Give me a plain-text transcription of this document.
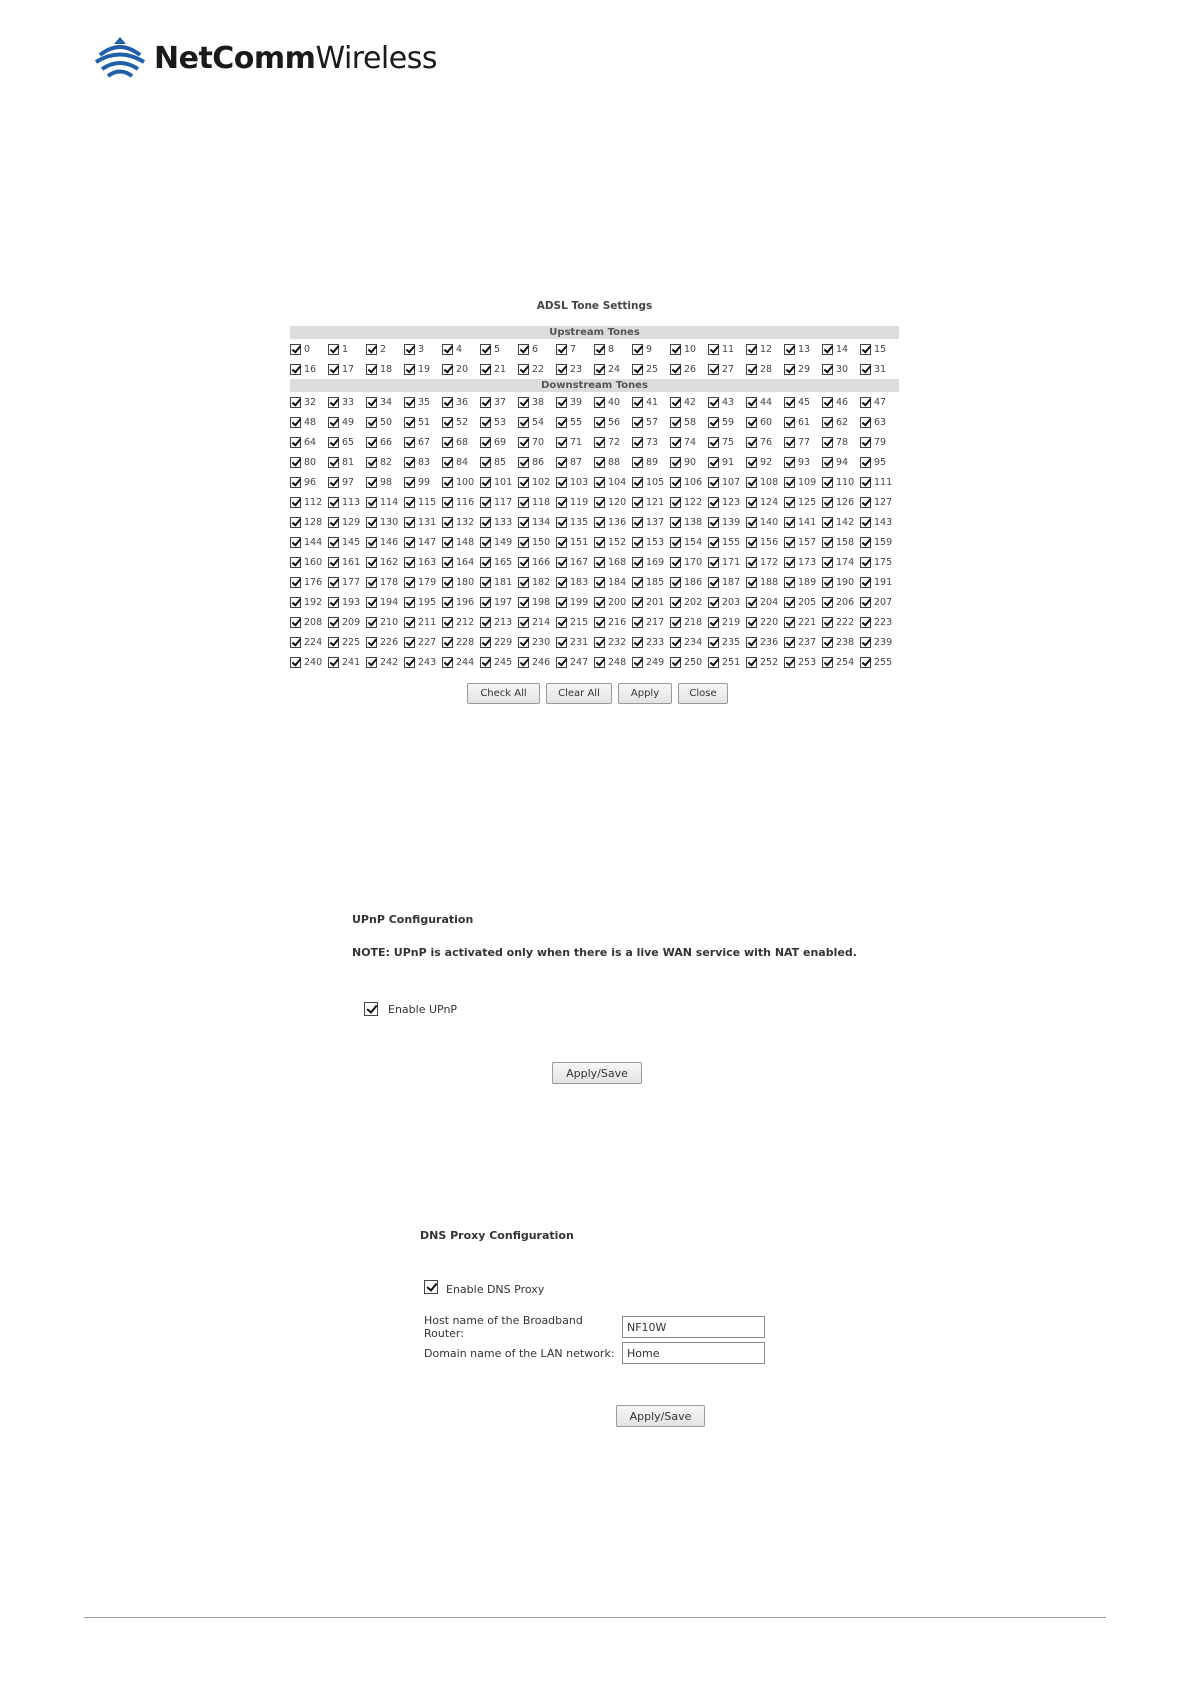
NetCommWireless
ADSL Tone Settings
Upstream Tones
0	1	2	3	4	5	6	7	8	9	10	11	12	13	14	15
16	17	18	19	20	21	22	23	24	25	26	27	28	29	30	31
Downstream Tones
32	33	34	35	36	37	38	39	40	41	42	43	44	45	46	47
48	49	50	51	52	53	54	55	56	57	58	59	60	61	62	63
64	65	66	67	68	69	70	71	72	73	74	75	76	77	78	79
80	81	82	83	84	85	86	87	88	89	90	91	92	93	94	95
96	97	98	99	100 101 102 103 104 105 106 107 108 109 110 111
112 113 114 115 116 117 118 119 120 121 122 123 124 125 126 127
128 129 130 131 132 133 134 135 136 137 138 139 140 141 142 143
144 145 146 147 148 149 150 151 152 153 154 155 156 157 158 159
160 161 162 163 164 165 166 167 168 169 170 171 172 173 174 175
176 177 178 179 180 181 182 183 184 185 186 187 188 189 190 191
192 193 194 195 196 197 198 199 200 201 202 203 204 205 206 207
208 209 210 211 212 213 214 215 216 217 218 219 220 221 222 223
224 225 226 227 228 229 230 231 232 233 234 235 236 237 238 239
240 241 242 243 244 245 246 247 248 249 250 251 252 253 254 255
Check All	Clear All	Apply	Close
UPnP Configuration
NOTE: UPnP is activated only when there is a live WAN service with NAT enabled.
Enable UPnP
Apply/Save
DNS Proxy Configuration
Enable DNS Proxy
Host name of the Broadband Router:	NF10W
Domain name of the LAN network:	Home
Apply/Save
